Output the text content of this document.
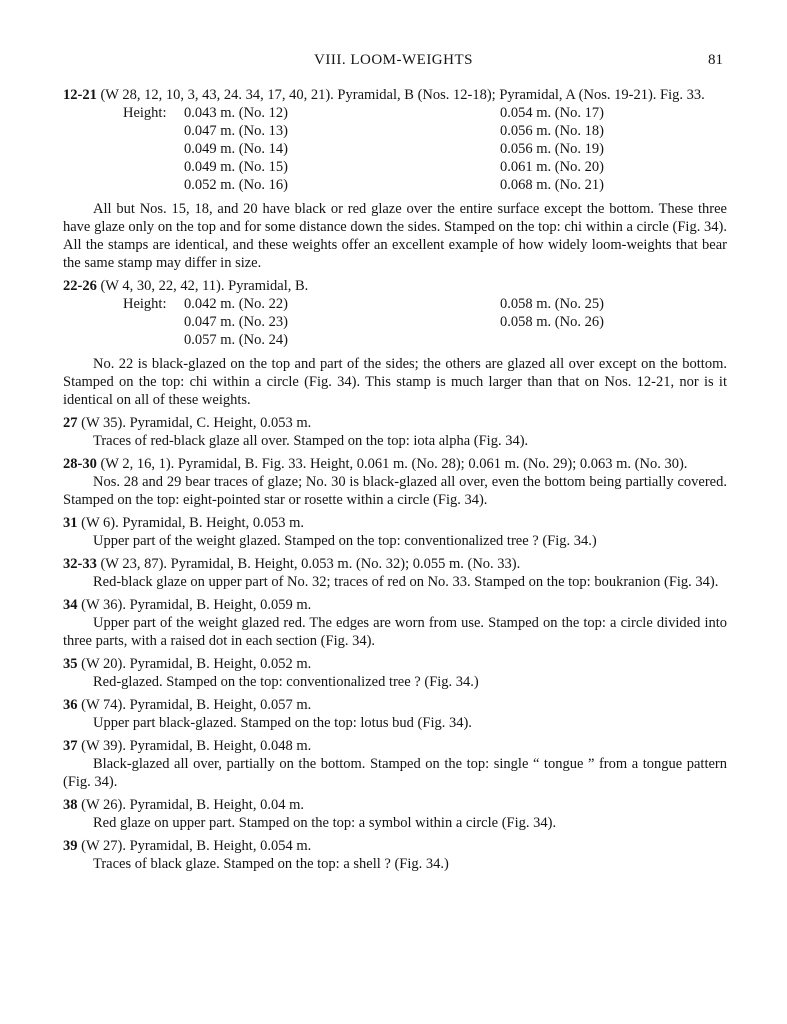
VIII. LOOM-WEIGHTS	81
12-21 (W 28, 12, 10, 3, 43, 24. 34, 17, 40, 21). Pyramidal, B (Nos. 12-18); Pyramidal, A (Nos. 19-21). Fig. 33.
Height: 0.043 m. (No. 12)
0.047 m. (No. 13)
0.049 m. (No. 14)
0.049 m. (No. 15)
0.052 m. (No. 16)
0.054 m. (No. 17)
0.056 m. (No. 18)
0.056 m. (No. 19)
0.061 m. (No. 20)
0.068 m. (No. 21)
All but Nos. 15, 18, and 20 have black or red glaze over the entire surface except the bottom. These three have glaze only on the top and for some distance down the sides. Stamped on the top: chi within a circle (Fig. 34). All the stamps are identical, and these weights offer an excellent example of how widely loom-weights that bear the same stamp may differ in size.
22-26 (W 4, 30, 22, 42, 11). Pyramidal, B.
Height: 0.042 m. (No. 22)
0.047 m. (No. 23)
0.057 m. (No. 24)
0.058 m. (No. 25)
0.058 m. (No. 26)
No. 22 is black-glazed on the top and part of the sides; the others are glazed all over except on the bottom. Stamped on the top: chi within a circle (Fig. 34). This stamp is much larger than that on Nos. 12-21, nor is it identical on all of these weights.
27 (W 35). Pyramidal, C. Height, 0.053 m.
Traces of red-black glaze all over. Stamped on the top: iota alpha (Fig. 34).
28-30 (W 2, 16, 1). Pyramidal, B. Fig. 33. Height, 0.061 m. (No. 28); 0.061 m. (No. 29); 0.063 m. (No. 30).
Nos. 28 and 29 bear traces of glaze; No. 30 is black-glazed all over, even the bottom being partially covered. Stamped on the top: eight-pointed star or rosette within a circle (Fig. 34).
31 (W 6). Pyramidal, B. Height, 0.053 m.
Upper part of the weight glazed. Stamped on the top: conventionalized tree ? (Fig. 34.)
32-33 (W 23, 87). Pyramidal, B. Height, 0.053 m. (No. 32); 0.055 m. (No. 33).
Red-black glaze on upper part of No. 32; traces of red on No. 33. Stamped on the top: boukranion (Fig. 34).
34 (W 36). Pyramidal, B. Height, 0.059 m.
Upper part of the weight glazed red. The edges are worn from use. Stamped on the top: a circle divided into three parts, with a raised dot in each section (Fig. 34).
35 (W 20). Pyramidal, B. Height, 0.052 m.
Red-glazed. Stamped on the top: conventionalized tree ? (Fig. 34.)
36 (W 74). Pyramidal, B. Height, 0.057 m.
Upper part black-glazed. Stamped on the top: lotus bud (Fig. 34).
37 (W 39). Pyramidal, B. Height, 0.048 m.
Black-glazed all over, partially on the bottom. Stamped on the top: single “ tongue ” from a tongue pattern (Fig. 34).
38 (W 26). Pyramidal, B. Height, 0.04 m.
Red glaze on upper part. Stamped on the top: a symbol within a circle (Fig. 34).
39 (W 27). Pyramidal, B. Height, 0.054 m.
Traces of black glaze. Stamped on the top: a shell ? (Fig. 34.)
